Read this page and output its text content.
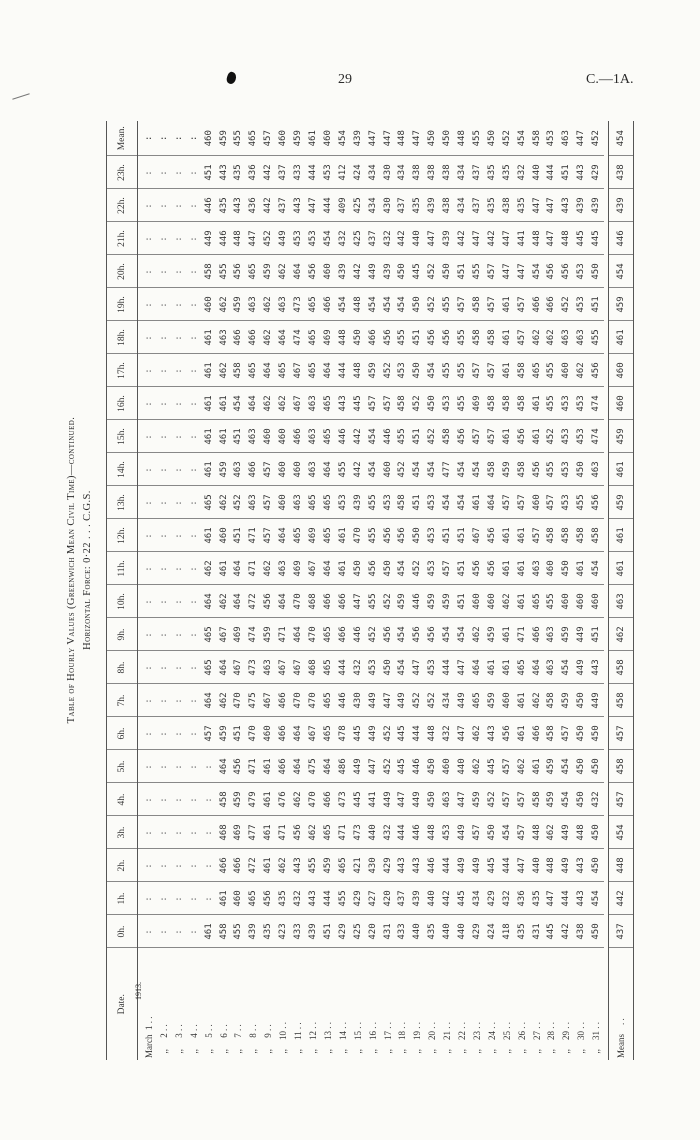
29	C.—1A.
Table of Hourly Values (Greenwich Mean Civil Time)—continued. Horizontal Force: 0·22 . . . C.G.S.
Date.	0h.	1h.	2h.	3h.	4h.	5h.	6h.	7h.	8h.	9h.	10h.	11h.	12h.	13h.	14h.	15h.	16h.	17h.	18h.	19h.	20h.	21h.	22h.	23h.	Mean.
March  1 . .	:	:	:	:	:	:	:	:	:	:	:	:	:	:	:	:	:	:	:	:	:	:	:	:	:
,,     2 . .	:	:	:	:	:	:	:	:	:	:	:	:	:	:	:	:	:	:	:	:	:	:	:	:	:
,,     3 . .	:	:	:	:	:	:	:	:	:	:	:	:	:	:	:	:	:	:	:	:	:	:	:	:	:
,,     4 . .	:	:	:	:	:	:	:	:	:	:	:	:	:	:	:	:	:	:	:	:	:	:	:	:	:
,,     5 . .	461	:	:	:	:	:	457	464	465	465	464	462	461	465	461	461	461	461	461	460	458	449	446	451	460
,,     6 . .	458	461	466	468	458	464	459	462	464	467	462	461	460	462	459	461	461	462	463	462	455	446	435	443	459
,,     7 . .	455	460	466	469	459	456	451	470	467	469	464	464	451	452	463	451	454	458	466	459	456	448	443	435	455
,,     8 . .	439	465	472	477	479	471	470	475	473	474	472	471	471	463	466	463	464	465	466	463	465	447	436	436	465
,,     9 . .	435	456	461	461	461	461	460	467	463	459	456	462	457	457	457	460	462	464	462	462	459	452	442	442	457
,,    10 . .	423	435	462	471	476	466	466	466	467	471	464	463	464	460	460	460	462	465	464	463	462	449	437	437	460
,,    11 . .	433	432	443	456	462	464	464	470	467	464	470	469	465	463	460	466	467	467	474	473	464	453	443	433	459
,,    12 . .	439	443	455	462	470	475	467	470	468	470	468	467	469	465	463	463	463	465	465	465	456	453	447	444	461
,,    13 . .	451	444	459	465	466	464	465	465	465	465	466	464	465	465	464	465	465	464	469	466	460	454	444	453	460
,,    14 . .	429	455	465	471	473	486	478	446	444	466	466	461	461	453	455	446	443	444	448	454	439	432	409	412	454
,,    15 . .	425	429	421	473	445	449	445	430	432	446	447	450	470	439	442	442	445	448	450	448	442	425	425	424	439
,,    16 . .	420	427	430	440	441	447	449	449	453	452	455	456	455	455	454	454	457	459	466	454	449	437	434	434	447
,,    17 . .	431	420	429	432	449	452	452	447	450	456	452	450	456	453	460	446	457	452	456	454	439	432	430	430	447
,,    18 . .	433	437	443	444	447	445	445	449	454	454	459	454	456	458	452	455	458	453	455	454	450	442	437	434	448
,,    19 . .	440	439	443	446	449	446	444	452	447	456	446	452	450	451	454	451	452	450	451	450	445	440	435	438	447
,,    20 . .	435	440	446	448	450	450	448	452	453	456	459	453	453	453	454	452	450	454	456	452	452	447	439	438	450
,,    21 . .	440	442	444	453	463	460	432	434	444	454	459	457	451	454	477	458	453	455	456	455	450	439	438	438	450
,,    22 . .	440	445	449	449	447	440	447	449	447	454	451	451	451	454	454	456	455	455	455	457	451	442	434	434	448
,,    23 . .	429	434	449	457	459	462	462	465	464	462	460	456	467	461	454	457	469	457	458	458	455	447	437	437	455
,,    24 . .	424	429	445	450	452	445	443	459	461	459	460	456	456	464	458	457	458	457	458	457	457	442	435	435	450
,,    25 . .	418	432	444	454	457	457	456	460	461	461	462	461	461	457	459	461	458	461	461	461	447	447	438	435	452
,,    26 . .	435	436	447	457	457	462	461	461	465	471	461	461	461	457	458	456	458	458	457	457	447	441	435	432	454
,,    27 . .	431	435	440	448	458	461	466	462	464	466	465	463	457	460	456	461	461	465	462	466	454	448	447	440	458
,,    28 . .	445	447	448	462	459	459	458	458	463	463	455	460	458	457	455	452	455	455	462	466	456	447	447	444	453
,,    29 . .	442	444	449	449	454	454	457	459	454	459	460	450	458	453	453	453	453	460	463	452	456	448	443	451	463
,,    30 . .	438	443	443	448	450	450	450	450	449	449	460	461	458	455	450	453	453	462	463	453	453	445	439	443	447
,,    31 . .	450	454	450	450	432	450	450	449	443	451	460	454	458	456	463	474	474	456	455	451	450	445	439	429	452

Means    . .	437	442	448	454	457	458	457	458	458	462	463	461	461	459	461	459	460	460	461	459	454	446	439	438	454
1913.
